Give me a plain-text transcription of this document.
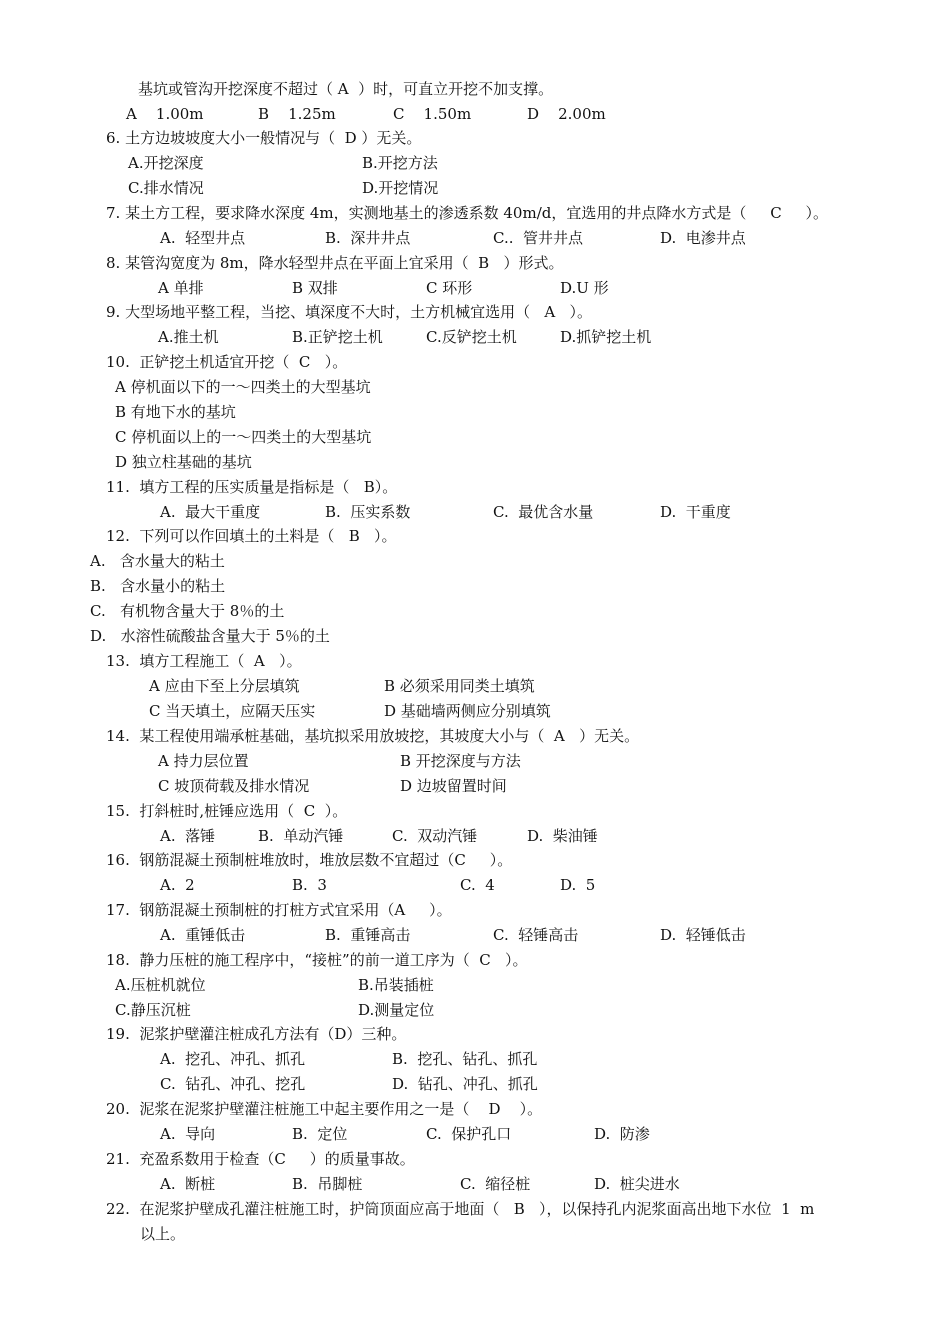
基坑或管沟开挖深度不超过（ A  ）时，可直立开挖不加支撑。
A    1.00m	B    1.25m	C    1.50m	D    2.00m
6. 土方边坡坡度大小一般情况与（  D ）无关。
A.开挖深度	B.开挖方法
C.排水情况	D.开挖情况
7. 某土方工程，要求降水深度 4m，实测地基土的渗透系数 40m/d，宜选用的井点降水方式是（     C     ）。
A.  轻型井点	B.  深井井点	C..  管井井点	D.  电渗井点
8. 某管沟宽度为 8m，降水轻型井点在平面上宜采用（  B   ）形式。
A 单排	B 双排	C 环形	D.U 形
9. 大型场地平整工程，当挖、填深度不大时，土方机械宜选用（   A   ）。
A.推土机	B.正铲挖土机	C.反铲挖土机	D.抓铲挖土机
10.  正铲挖土机适宜开挖（  C   ）。
A 停机面以下的一～四类土的大型基坑
B 有地下水的基坑
C 停机面以上的一～四类土的大型基坑
D 独立柱基础的基坑
11.  填方工程的压实质量是指标是（   B）。
A.  最大干重度	B.  压实系数	C.  最优含水量	D.  干重度
12.  下列可以作回填土的土料是（   B   ）。
A.   含水量大的粘土
B.   含水量小的粘土
C.   有机物含量大于 8％的土
D.   水溶性硫酸盐含量大于 5％的土
13.  填方工程施工（  A   ）。
A 应由下至上分层填筑	B 必须采用同类土填筑
C 当天填土，应隔天压实	D 基础墙两侧应分别填筑
14.  某工程使用端承桩基础，基坑拟采用放坡挖，其坡度大小与（  A   ）无关。
A 持力层位置	B 开挖深度与方法
C 坡顶荷载及排水情况	D 边坡留置时间
15.  打斜桩时,桩锤应选用（  C  ）。
A.  落锤	B.  单动汽锤	C.  双动汽锤	D.  柴油锤
16.  钢筋混凝土预制桩堆放时，堆放层数不宜超过（C     ）。
A.  2	B.  3	C.  4	D.  5
17.  钢筋混凝土预制桩的打桩方式宜采用（A     ）。
A.  重锤低击	B.  重锤高击	C.  轻锤高击	D.  轻锤低击
18.  静力压桩的施工程序中，“接桩”的前一道工序为（  C   ）。
A.压桩机就位	B.吊装插桩
C.静压沉桩	D.测量定位
19.  泥浆护壁灌注桩成孔方法有（D）三种。
A.  挖孔、冲孔、抓孔	B.  挖孔、钻孔、抓孔
C.  钻孔、冲孔、挖孔	D.  钻孔、冲孔、抓孔
20.  泥浆在泥浆护壁灌注桩施工中起主要作用之一是（    D    ）。
A.  导向	B.  定位	C.  保护孔口	D.  防渗
21.  充盈系数用于检查（C     ）的质量事故。
A.  断桩	B.  吊脚桩	C.  缩径桩	D.  桩尖进水
22.  在泥浆护壁成孔灌注桩施工时，护筒顶面应高于地面（   B   ），以保持孔内泥浆面高出地下水位  1  m
以上。
